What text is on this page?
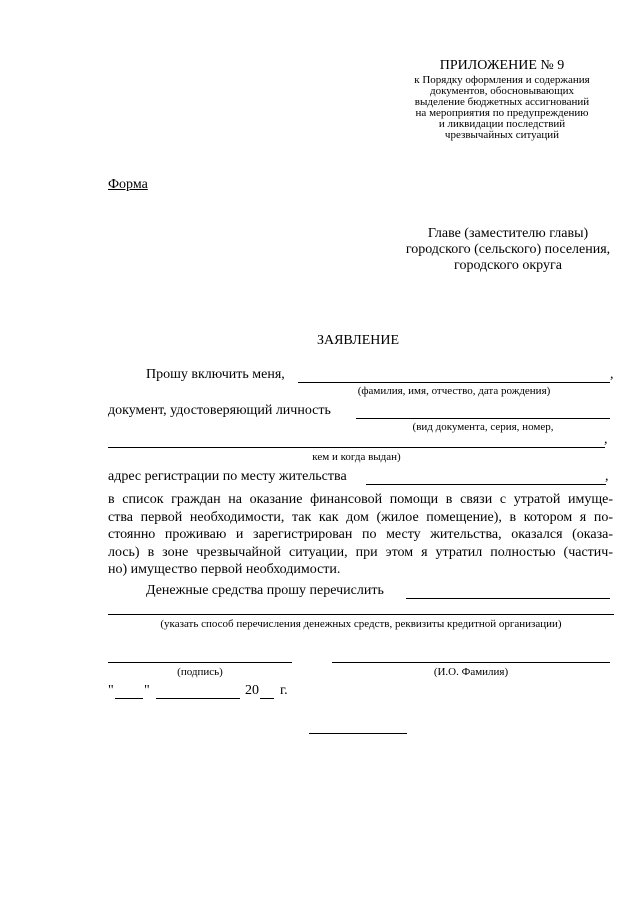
ПРИЛОЖЕНИЕ № 9
к Порядку оформления и содержания
документов, обосновывающих
выделение бюджетных ассигнований
на мероприятия по предупреждению
и ликвидации последствий
чрезвычайных ситуаций
Форма
Главе (заместителю главы)
городского (сельского) поселения,
городского округа
ЗАЯВЛЕНИЕ
Прошу включить меня,	,
(фамилия, имя, отчество, дата рождения)
документ, удостоверяющий личность
(вид документа, серия, номер,
,
кем и когда выдан)
адрес регистрации по месту жительства	,
в список граждан на оказание финансовой помощи в связи с утратой имуще-
ства первой необходимости, так как дом (жилое помещение), в котором я по-
стоянно проживаю и зарегистрирован по месту жительства, оказался (оказа-
лось) в зоне чрезвычайной ситуации, при этом я утратил полностью (частич-
но) имущество первой необходимости.
Денежные средства прошу перечислить
(указать способ перечисления денежных средств, реквизиты кредитной организации)
(подпись)	(И.О. Фамилия)
" "	20 г.
